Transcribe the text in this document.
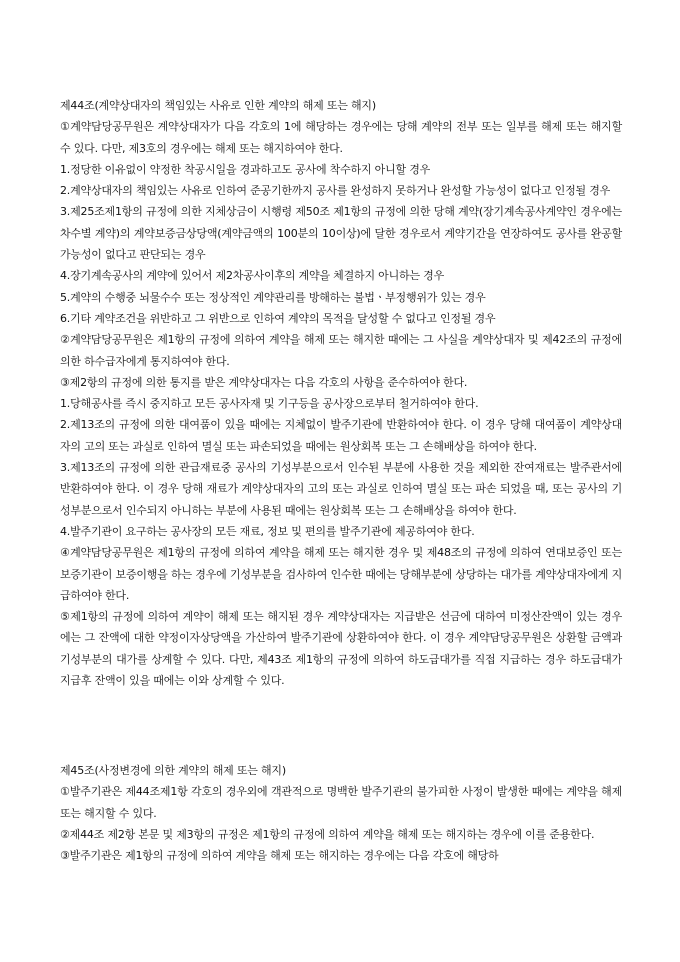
제44조(계약상대자의 책임있는 사유로 인한 계약의 해제 또는 해지)

①계약담당공무원은 계약상대자가 다음 각호의 1에 해당하는 경우에는 당해 계약의 전부 또는 일부를 해제 또는 해지할 수 있다. 다만, 제3호의 경우에는 해제 또는 해지하여야 한다.

1.정당한 이유없이 약정한 착공시일을 경과하고도 공사에 착수하지 아니할 경우

2.계약상대자의 책임있는 사유로 인하여 준공기한까지 공사를 완성하지 못하거나 완성할 가능성이 없다고 인정될 경우

3.제25조제1항의 규정에 의한 지체상금이 시행령 제50조 제1항의 규정에 의한 당해 계약(장기계속공사계약인 경우에는 차수별 계약)의 계약보증금상당액(계약금액의 100분의 10이상)에 달한 경우로서 계약기간을 연장하여도 공사를 완공할 가능성이 없다고 판단되는 경우

4.장기계속공사의 계약에 있어서 제2차공사이후의 계약을 체결하지 아니하는 경우

5.계약의 수행중 뇌물수수 또는 정상적인 계약관리를 방해하는 불법ㆍ부정행위가 있는 경우

6.기타 계약조건을 위반하고 그 위반으로 인하여 계약의 목적을 달성할 수 없다고 인정될 경우

②계약담당공무원은 제1항의 규정에 의하여 계약을 해제 또는 해지한 때에는 그 사실을 계약상대자 및 제42조의 규정에 의한 하수급자에게 통지하여야 한다.

③제2항의 규정에 의한 통지를 받은 계약상대자는 다음 각호의 사항을 준수하여야 한다.

1.당해공사를 즉시 중지하고 모든 공사자재 및 기구등을 공사장으로부터 철거하여야 한다.

2.제13조의 규정에 의한 대여품이 있을 때에는 지체없이 발주기관에 반환하여야 한다. 이 경우 당해 대여품이 계약상대자의 고의 또는 과실로 인하여 멸실 또는 파손되었을 때에는 원상회복 또는 그 손해배상을 하여야 한다.

3.제13조의 규정에 의한 관급재료중 공사의 기성부분으로서 인수된 부분에 사용한 것을 제외한 잔여재료는 발주관서에 반환하여야 한다. 이 경우 당해 재료가 계약상대자의 고의 또는 과실로 인하여 멸실 또는 파손 되었을 때, 또는 공사의 기성부분으로서 인수되지 아니하는 부분에 사용된 때에는 원상회복 또는 그 손해배상을 하여야 한다.

4.발주기관이 요구하는 공사장의 모든 재료, 정보 및 편의를 발주기관에 제공하여야 한다.

④계약담당공무원은 제1항의 규정에 의하여 계약을 해제 또는 해지한 경우 및 제48조의 규정에 의하여 연대보증인 또는 보증기관이 보증이행을 하는 경우에 기성부분을 검사하여 인수한 때에는 당해부분에 상당하는 대가를 계약상대자에게 지급하여야 한다.

⑤제1항의 규정에 의하여 계약이 해제 또는 해지된 경우 계약상대자는 지급받은 선금에 대하여 미정산잔액이 있는 경우에는 그 잔액에 대한 약정이자상당액을 가산하여 발주기관에 상환하여야 한다. 이 경우 계약담당공무원은 상환할 금액과 기성부분의 대가를 상계할 수 있다. 다만, 제43조 제1항의 규정에 의하여 하도급대가를 직접 지급하는 경우 하도급대가 지급후 잔액이 있을 때에는 이와 상계할 수 있다.

제45조(사정변경에 의한 계약의 해제 또는 해지)

①발주기관은 제44조제1항 각호의 경우외에 객관적으로 명백한 발주기관의 불가피한 사정이 발생한 때에는 계약을 해제 또는 해지할 수 있다.

②제44조 제2항 본문 및 제3항의 규정은 제1항의 규정에 의하여 계약을 해제 또는 해지하는 경우에 이를 준용한다.

③발주기관은 제1항의 규정에 의하여 계약을 해제 또는 해지하는 경우에는 다음 각호에 해당하
